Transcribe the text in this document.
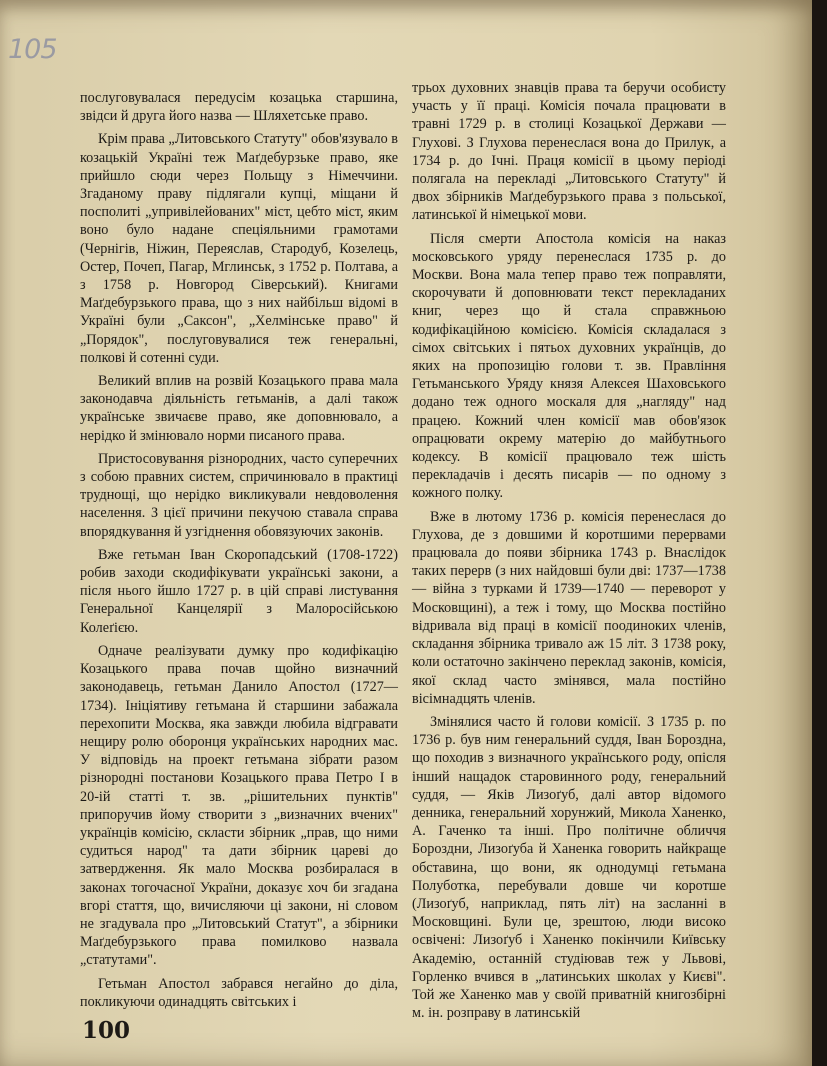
105

послуговувалася передусім козацька старшина, звідси й друга його назва — Шляхетське право.

Крім права „Литовського Статуту" обов'язувало в козацькій Україні теж Маґдебурзьке право, яке прийшло сюди через Польщу з Німеччини. Згаданому праву підлягали купці, міщани й посполиті „упривілейованих" міст, цебто міст, яким воно було надане спеціяльними грамотами (Чернігів, Ніжин, Переяслав, Стародуб, Козелець, Остер, Почеп, Пагар, Мглинськ, з 1752 р. Полтава, а з 1758 р. Новгород Сіверський). Книгами Маґдебурзького права, що з них найбільш відомі в Україні були „Саксон", „Хелмінське право" й „Порядок", послуговувалися теж генеральні, полкові й сотенні суди.

Великий вплив на розвій Козацького права мала законодавча діяльність гетьманів, а далі також українське звичаєве право, яке доповнювало, а нерідко й змінювало норми писаного права.

Пристосовування різнородних, часто суперечних з собою правних систем, спричинювало в практиці труднощі, що нерідко викликували невдоволення населення. З цієї причини пекучою ставала справа впорядкування й узгіднення обовязуючих законів.

Вже гетьман Іван Скоропадський (1708-1722) робив заходи скодифікувати українські закони, а після нього йшло 1727 р. в цій справі листування Генеральної Канцелярії з Малоросійською Колеґією.

Одначе реалізувати думку про кодифікацію Козацького права почав щойно визначний законодавець, гетьман Данило Апостол (1727—1734). Ініціятиву гетьмана й старшини забажала перехопити Москва, яка завжди любила відгравати нещиру ролю оборонця українських народних мас. У відповідь на проект гетьмана зібрати разом різнородні постанови Козацького права Петро І в 20-ій статті т. зв. „рішительних пунктів" припоручив йому створити з „визначних вчених" українців комісію, скласти збірник „прав, що ними судиться народ" та дати збірник цареві до затвердження. Як мало Москва розбиралася в законах тогочасної України, доказує хоч би згадана вгорі стаття, що, вичисляючи ці закони, ні словом не згадувала про „Литовський Статут", а збірники Маґдебурзького права помилково назвала „статутами".

Гетьман Апостол забрався негайно до діла, покликуючи одинадцять світських і

трьох духовних знавців права та беручи особисту участь у її праці. Комісія почала працювати в травні 1729 р. в столиці Козацької Держави — Глухові. З Глухова перенеслася вона до Прилук, а 1734 р. до Ічні. Праця комісії в цьому періоді полягала на перекладі „Литовського Статуту" й двох збірників Маґдебурзького права з польської, латинської й німецької мови.

Після смерти Апостола комісія на наказ московського уряду перенеслася 1735 р. до Москви. Вона мала тепер право теж поправляти, скорочувати й доповнювати текст перекладаних книг, через що й стала справжньою кодифікаційною комісією. Комісія складалася з сімох світських і пятьох духовних українців, до яких на пропозицію голови т. зв. Правління Гетьманського Уряду князя Алексея Шаховського додано теж одного москаля для „нагляду" над працею. Кожний член комісії мав обов'язок опрацювати окрему матерію до майбутнього кодексу. В комісії працювало теж шість перекладачів і десять писарів — по одному з кожного полку.

Вже в лютому 1736 р. комісія перенеслася до Глухова, де з довшими й коротшими перервами працювала до появи збірника 1743 р. Внаслідок таких перерв (з них найдовші були дві: 1737—1738 — війна з турками й 1739—1740 — переворот у Московщині), а теж і тому, що Москва постійно відривала від праці в комісії поодиноких членів, складання збірника тривало аж 15 літ. З 1738 року, коли остаточно закінчено переклад законів, комісія, якої склад часто змінявся, мала постійно вісімнадцять членів.

Змінялися часто й голови комісії. З 1735 р. по 1736 р. був ним генеральний суддя, Іван Бороздна, що походив з визначного українського роду, опісля інший нащадок старовинного роду, генеральний суддя, — Яків Лизоґуб, далі автор відомого денника, генеральний хорунжий, Микола Ханенко, А. Гаченко та інші. Про політичне обличчя Бороздни, Лизоґуба й Ханенка говорить найкраще обставина, що вони, як однодумці гетьмана Полуботка, перебували довше чи коротше (Лизоґуб, наприклад, пять літ) на засланні в Московщині. Були це, зрештою, люди високо освічені: Лизоґуб і Ханенко покінчили Київську Академію, останній студіював теж у Львові, Горленко вчився в „латинських школах у Києві". Той же Ханенко мав у своїй приватній книгозбірні м. ін. розправу в латинській

100
